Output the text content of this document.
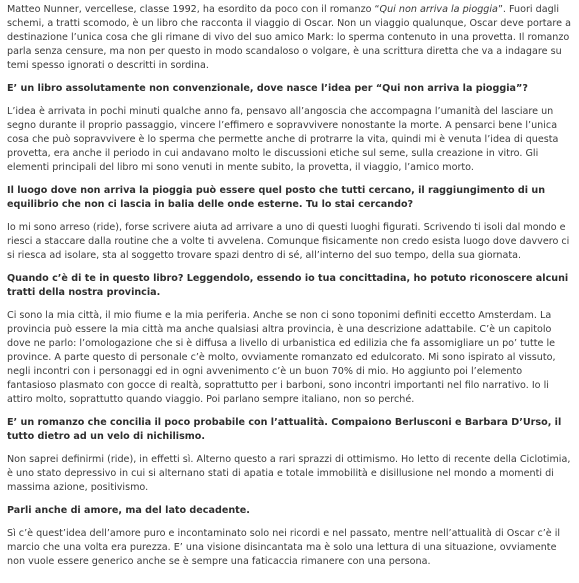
Matteo Nunner, vercellese, classe 1992, ha esordito da poco con il romanzo “Qui non arriva la pioggia”. Fuori dagli schemi, a tratti scomodo, è un libro che racconta il viaggio di Oscar. Non un viaggio qualunque, Oscar deve portare a destinazione l’unica cosa che gli rimane di vivo del suo amico Mark: lo sperma contenuto in una provetta. Il romanzo parla senza censure, ma non per questo in modo scandaloso o volgare, è una scrittura diretta che va a indagare su temi spesso ignorati o descritti in sordina.

E’ un libro assolutamente non convenzionale, dove nasce l’idea per “Qui non arriva la pioggia”?

L’idea è arrivata in pochi minuti qualche anno fa, pensavo all’angoscia che accompagna l’umanità del lasciare un segno durante il proprio passaggio, vincere l’effimero e sopravvivere nonostante la morte. A pensarci bene l’unica cosa che può sopravvivere è lo sperma che permette anche di protrarre la vita, quindi mi è venuta l’idea di questa provetta, era anche il periodo in cui andavano molto le discussioni etiche sul seme, sulla creazione in vitro. Gli elementi principali del libro mi sono venuti in mente subito, la provetta, il viaggio, l’amico morto.

Il luogo dove non arriva la pioggia può essere quel posto che tutti cercano, il raggiungimento di un equilibrio che non ci lascia in balia delle onde esterne. Tu lo stai cercando?

Io mi sono arreso (ride), forse scrivere aiuta ad arrivare a uno di questi luoghi figurati. Scrivendo ti isoli dal mondo e riesci a staccare dalla routine che a volte ti avvelena. Comunque fisicamente non credo esista luogo dove davvero ci si riesca ad isolare, sta al soggetto trovare spazi dentro di sé, all’interno del suo tempo, della sua giornata.

Quando c’è di te in questo libro? Leggendolo, essendo io tua concittadina, ho potuto riconoscere alcuni tratti della nostra provincia.

Ci sono la mia città, il mio fiume e la mia periferia. Anche se non ci sono toponimi definiti eccetto Amsterdam. La provincia può essere la mia città ma anche qualsiasi altra provincia, è una descrizione adattabile. C’è un capitolo dove ne parlo: l’omologazione che si è diffusa a livello di urbanistica ed edilizia che fa assomigliare un po’ tutte le province. A parte questo di personale c’è molto, ovviamente romanzato ed edulcorato. Mi sono ispirato al vissuto, negli incontri con i personaggi ed in ogni avvenimento c’è un buon 70% di mio. Ho aggiunto poi l’elemento fantasioso plasmato con gocce di realtà, soprattutto per i barboni, sono incontri importanti nel filo narrativo. Io li attiro molto, soprattutto quando viaggio. Poi parlano sempre italiano, non so perché.

E’ un romanzo che concilia il poco probabile con l’attualità. Compaiono Berlusconi e Barbara D’Urso, il tutto dietro ad un velo di nichilismo.

Non saprei definirmi (ride), in effetti sì. Alterno questo a rari sprazzi di ottimismo. Ho letto di recente della Ciclotimia, è uno stato depressivo in cui si alternano stati di apatia e totale immobilità e disillusione nel mondo a momenti di massima azione, positivismo.

Parli anche di amore, ma del lato decadente.

Sì c’è quest’idea dell’amore puro e incontaminato solo nei ricordi e nel passato, mentre nell’attualità di Oscar c’è il marcio che una volta era purezza. E’ una visione disincantata ma è solo una lettura di una situazione, ovviamente non vuole essere generico anche se è sempre una faticaccia rimanere con una persona.
